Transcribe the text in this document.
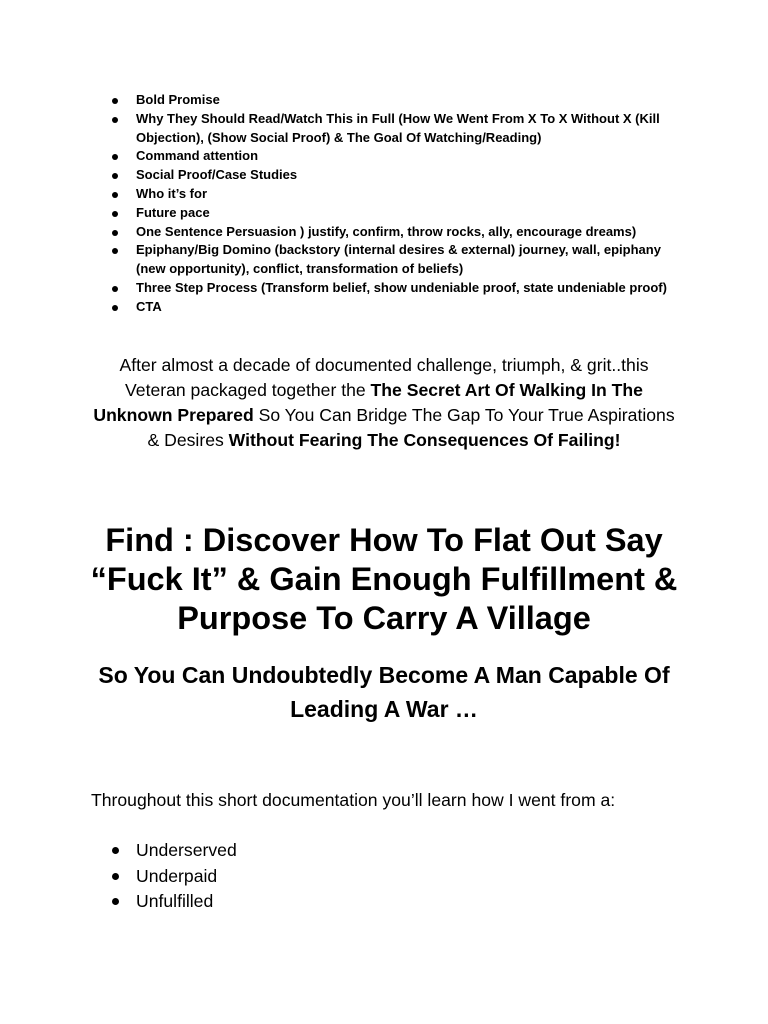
Bold Promise
Why They Should Read/Watch This in Full (How We Went From X To X Without X (Kill Objection), (Show Social Proof) & The Goal Of Watching/Reading)
Command attention
Social Proof/Case Studies
Who it’s for
Future pace
One Sentence Persuasion ) justify, confirm, throw rocks, ally, encourage dreams)
Epiphany/Big Domino (backstory (internal desires & external) journey, wall, epiphany (new opportunity), conflict, transformation of beliefs)
Three Step Process (Transform belief, show undeniable proof, state undeniable proof)
CTA

After almost a decade of documented challenge, triumph, & grit..this Veteran packaged together the The Secret Art Of Walking In The Unknown Prepared So You Can Bridge The Gap To Your True Aspirations & Desires Without Fearing The Consequences Of Failing!

Find : Discover How To Flat Out Say “Fuck It” & Gain Enough Fulfillment & Purpose To Carry A Village
So You Can Undoubtedly Become A Man Capable Of Leading A War …

Throughout this short documentation you’ll learn how I went from a:

Underserved
Underpaid
Unfulfilled
